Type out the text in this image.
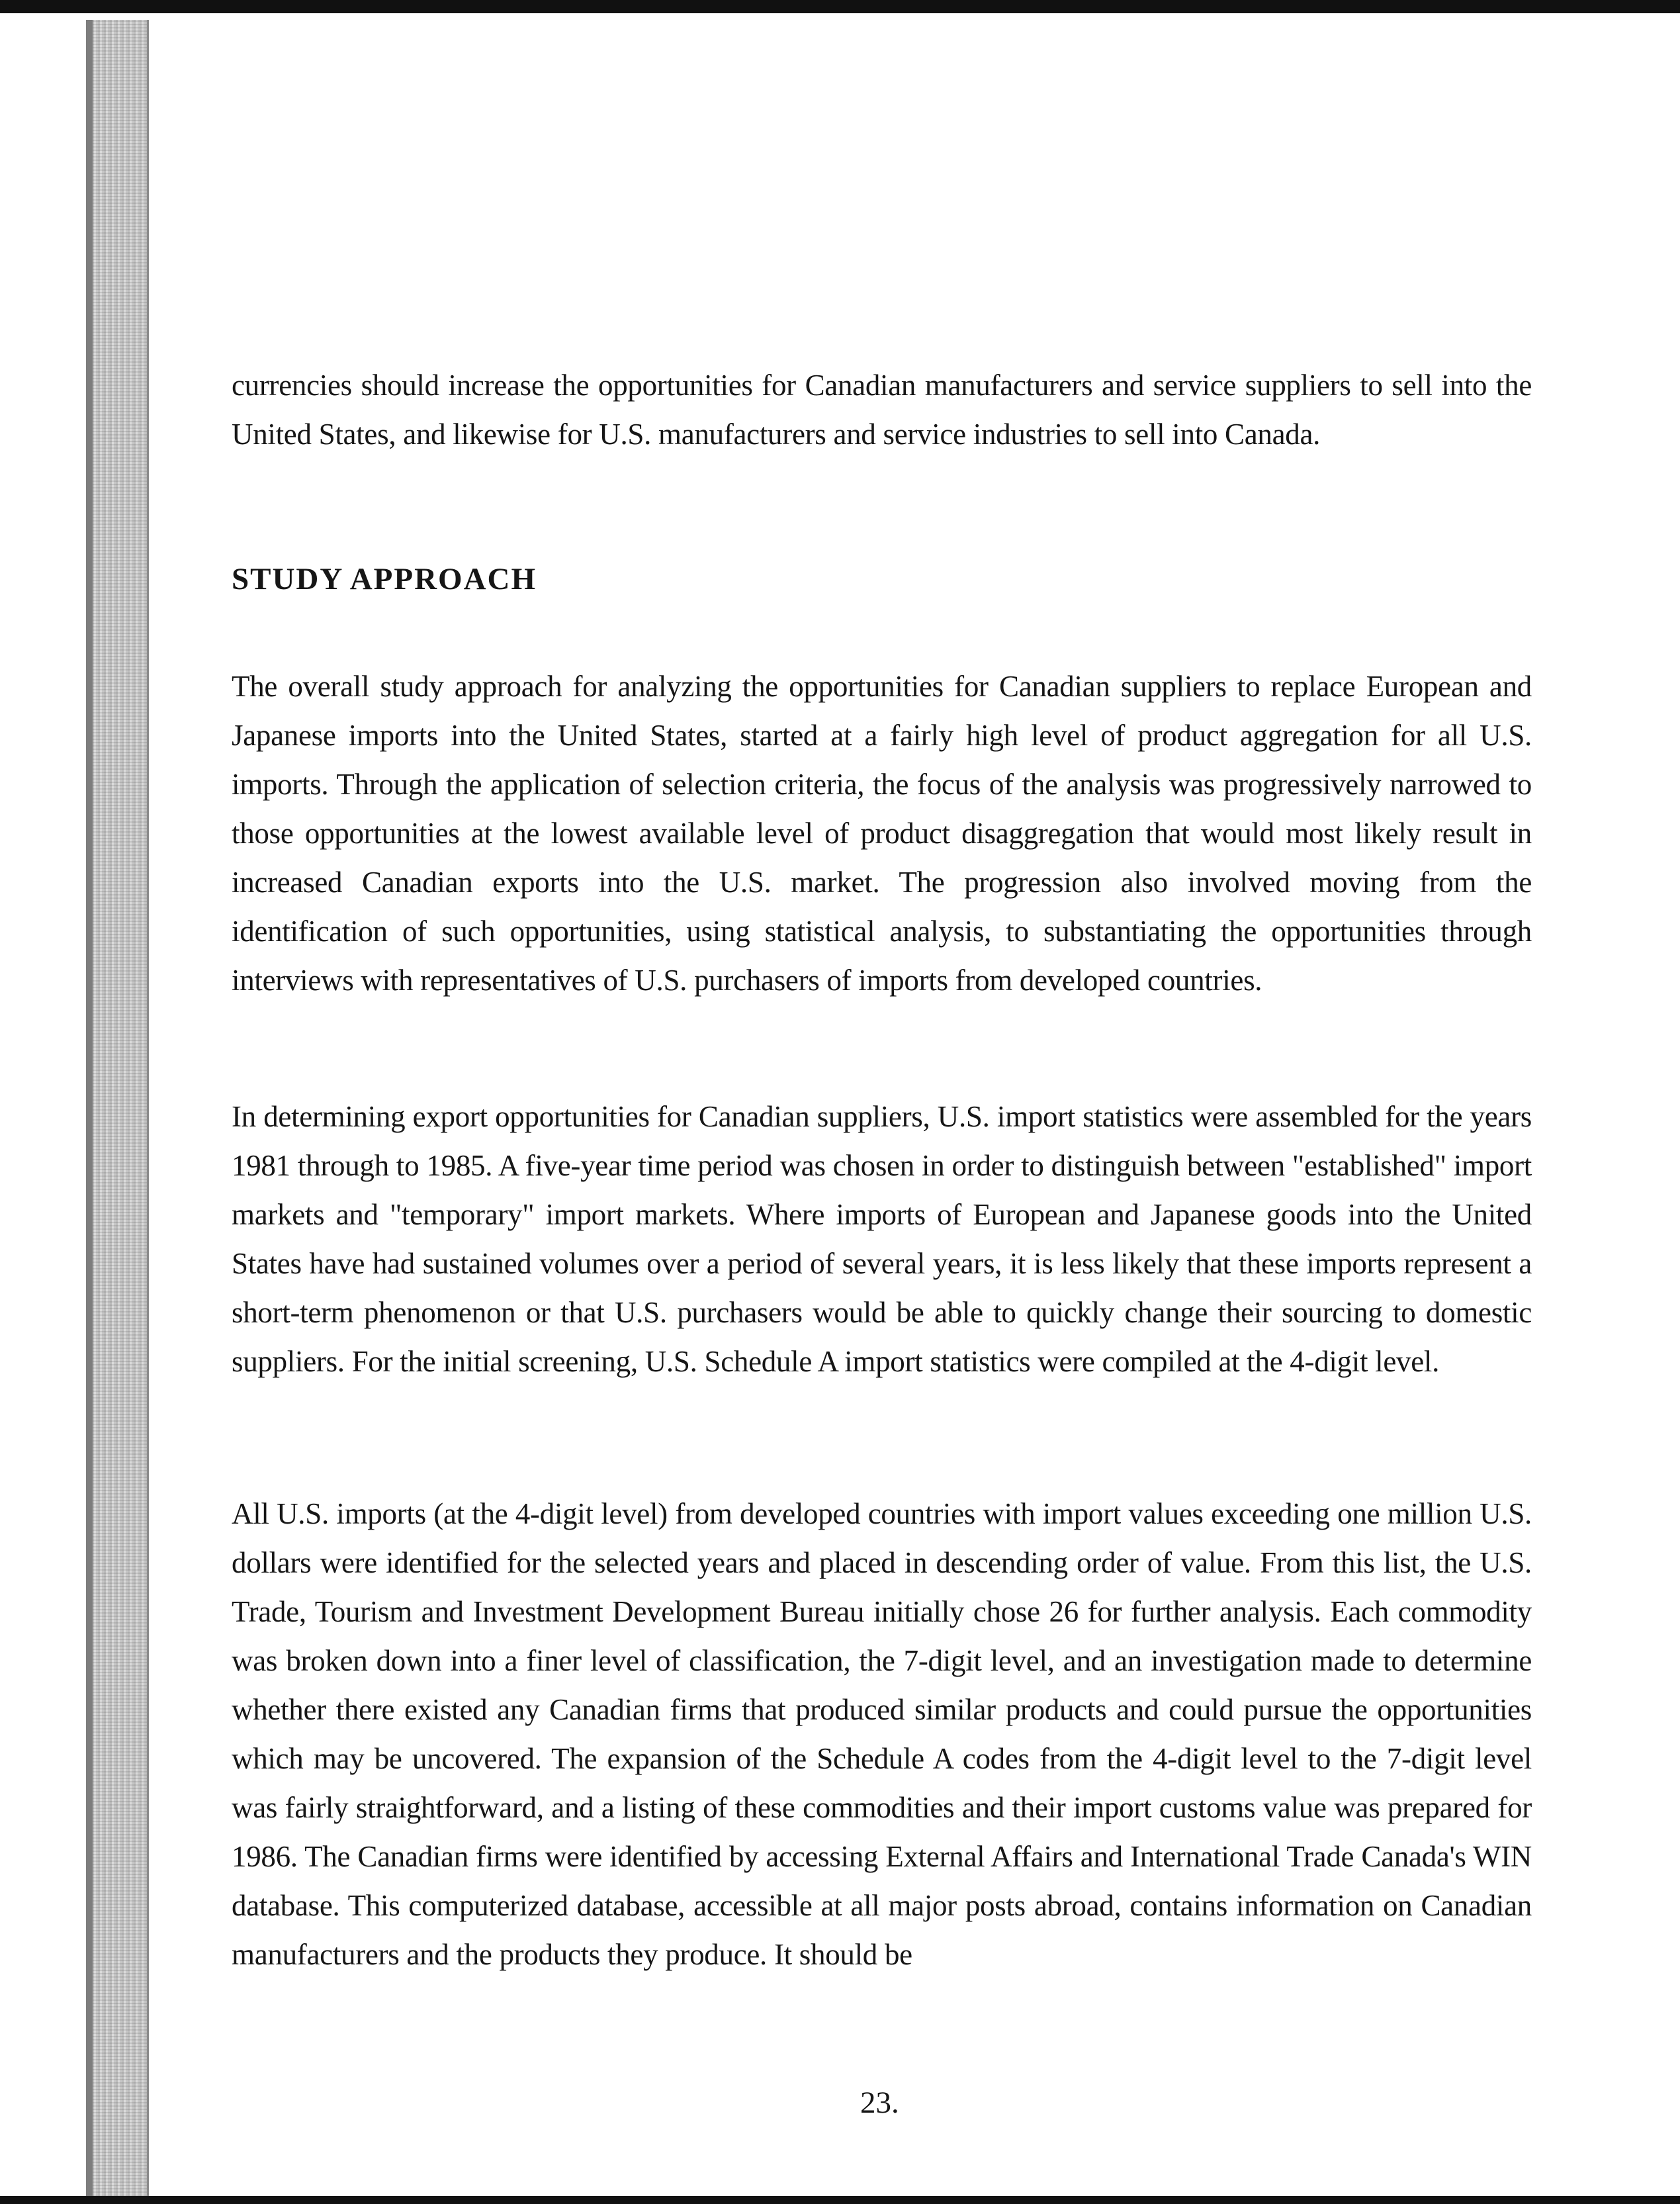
currencies should increase the opportunities for Canadian manufacturers and service suppliers to sell into the United States, and likewise for U.S. manufacturers and service industries to sell into Canada.

STUDY APPROACH

The overall study approach for analyzing the opportunities for Canadian suppliers to replace European and Japanese imports into the United States, started at a fairly high level of product aggregation for all U.S. imports. Through the application of selection criteria, the focus of the analysis was progressively narrowed to those opportunities at the lowest available level of product disaggregation that would most likely result in increased Canadian exports into the U.S. market. The progression also involved moving from the identification of such opportunities, using statistical analysis, to substantiating the opportunities through interviews with representatives of U.S. purchasers of imports from developed countries.

In determining export opportunities for Canadian suppliers, U.S. import statistics were assembled for the years 1981 through to 1985. A five-year time period was chosen in order to distinguish between "established" import markets and "temporary" import markets. Where imports of European and Japanese goods into the United States have had sustained volumes over a period of several years, it is less likely that these imports represent a short-term phenomenon or that U.S. purchasers would be able to quickly change their sourcing to domestic suppliers. For the initial screening, U.S. Schedule A import statistics were compiled at the 4-digit level.

All U.S. imports (at the 4-digit level) from developed countries with import values exceeding one million U.S. dollars were identified for the selected years and placed in descending order of value. From this list, the U.S. Trade, Tourism and Investment Development Bureau initially chose 26 for further analysis. Each commodity was broken down into a finer level of classification, the 7-digit level, and an investigation made to determine whether there existed any Canadian firms that produced similar products and could pursue the opportunities which may be uncovered. The expansion of the Schedule A codes from the 4-digit level to the 7-digit level was fairly straightforward, and a listing of these commodities and their import customs value was prepared for 1986. The Canadian firms were identified by accessing External Affairs and International Trade Canada's WIN database. This computerized database, accessible at all major posts abroad, contains information on Canadian manufacturers and the products they produce. It should be

23.
